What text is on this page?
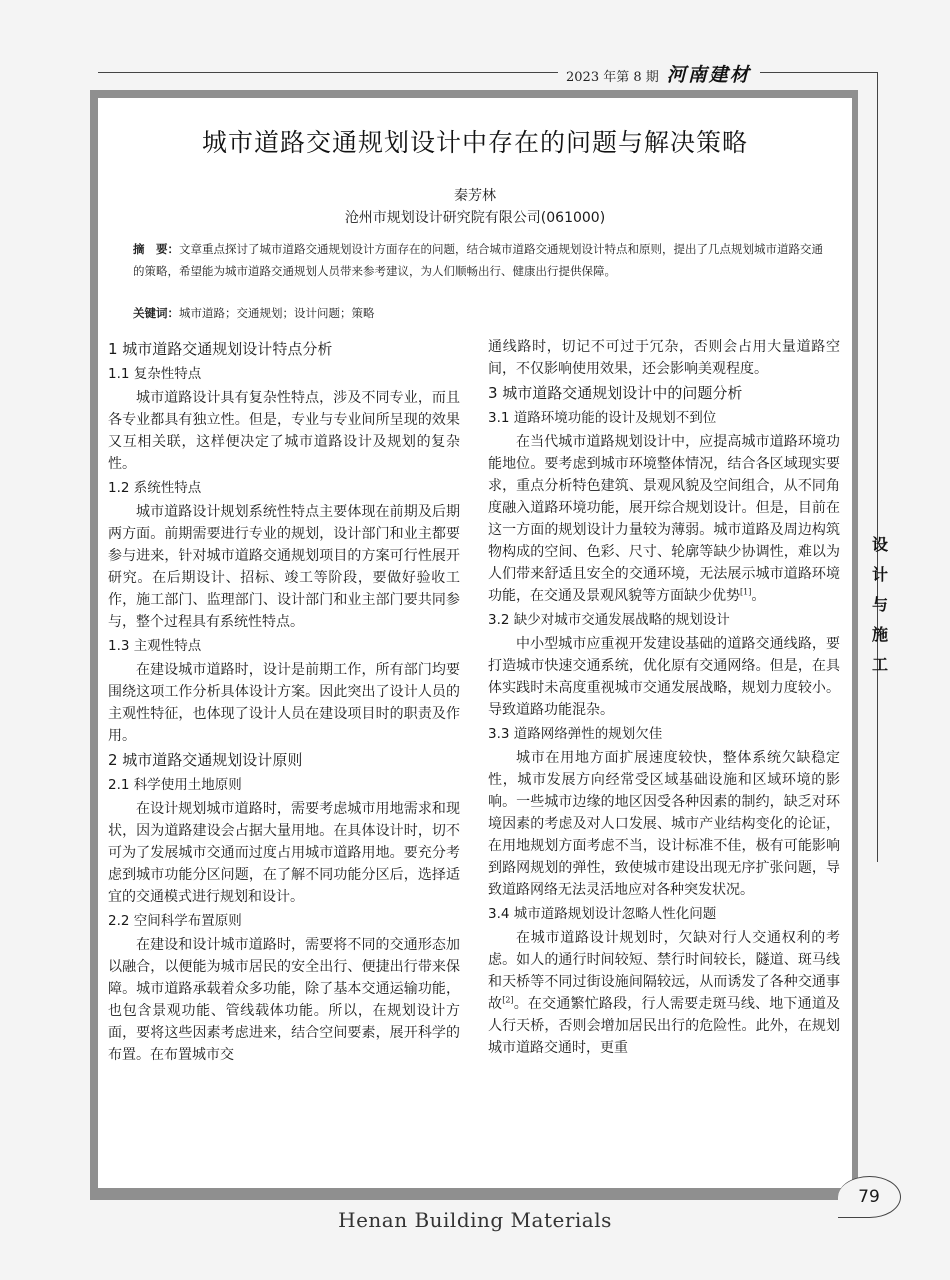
2023 年第 8 期 河南建材
城市道路交通规划设计中存在的问题与解决策略
秦芳林
沧州市规划设计研究院有限公司(061000)
摘　要：文章重点探讨了城市道路交通规划设计方面存在的问题，结合城市道路交通规划设计特点和原则，提出了几点规划城市道路交通的策略，希望能为城市道路交通规划人员带来参考建议，为人们顺畅出行、健康出行提供保障。
关键词：城市道路；交通规划；设计问题；策略
1 城市道路交通规划设计特点分析
1.1 复杂性特点

城市道路设计具有复杂性特点，涉及不同专业，而且各专业都具有独立性。但是，专业与专业间所呈现的效果又互相关联，这样便决定了城市道路设计及规划的复杂性。

1.2 系统性特点

城市道路设计规划系统性特点主要体现在前期及后期两方面。前期需要进行专业的规划，设计部门和业主都要参与进来，针对城市道路交通规划项目的方案可行性展开研究。在后期设计、招标、竣工等阶段，要做好验收工作，施工部门、监理部门、设计部门和业主部门要共同参与，整个过程具有系统性特点。

1.3 主观性特点

在建设城市道路时，设计是前期工作，所有部门均要围绕这项工作分析具体设计方案。因此突出了设计人员的主观性特征，也体现了设计人员在建设项目时的职责及作用。

2 城市道路交通规划设计原则
2.1 科学使用土地原则

在设计规划城市道路时，需要考虑城市用地需求和现状，因为道路建设会占据大量用地。在具体设计时，切不可为了发展城市交通而过度占用城市道路用地。要充分考虑到城市功能分区问题，在了解不同功能分区后，选择适宜的交通模式进行规划和设计。

2.2 空间科学布置原则

在建设和设计城市道路时，需要将不同的交通形态加以融合，以便能为城市居民的安全出行、便捷出行带来保障。城市道路承载着众多功能，除了基本交通运输功能，也包含景观功能、管线载体功能。所以，在规划设计方面，要将这些因素考虑进来，结合空间要素，展开科学的布置。在布置城市交

通线路时，切记不可过于冗杂，否则会占用大量道路空间，不仅影响使用效果，还会影响美观程度。

3 城市道路交通规划设计中的问题分析
3.1 道路环境功能的设计及规划不到位

在当代城市道路规划设计中，应提高城市道路环境功能地位。要考虑到城市环境整体情况，结合各区域现实要求，重点分析特色建筑、景观风貌及空间组合，从不同角度融入道路环境功能，展开综合规划设计。但是，目前在这一方面的规划设计力量较为薄弱。城市道路及周边构筑物构成的空间、色彩、尺寸、轮廓等缺少协调性，难以为人们带来舒适且安全的交通环境，无法展示城市道路环境功能，在交通及景观风貌等方面缺少优势[1]。

3.2 缺少对城市交通发展战略的规划设计

中小型城市应重视开发建设基础的道路交通线路，要打造城市快速交通系统，优化原有交通网络。但是，在具体实践时未高度重视城市交通发展战略，规划力度较小。导致道路功能混杂。

3.3 道路网络弹性的规划欠佳

城市在用地方面扩展速度较快，整体系统欠缺稳定性，城市发展方向经常受区域基础设施和区域环境的影响。一些城市边缘的地区因受各种因素的制约，缺乏对环境因素的考虑及对人口发展、城市产业结构变化的论证，在用地规划方面考虑不当，设计标准不佳，极有可能影响到路网规划的弹性，致使城市建设出现无序扩张问题，导致道路网络无法灵活地应对各种突发状况。

3.4 城市道路规划设计忽略人性化问题

在城市道路设计规划时，欠缺对行人交通权利的考虑。如人的通行时间较短、禁行时间较长，隧道、斑马线和天桥等不同过街设施间隔较远，从而诱发了各种交通事故[2]。在交通繁忙路段，行人需要走斑马线、地下通道及人行天桥，否则会增加居民出行的危险性。此外，在规划城市道路交通时，更重

设
计
与
施
工
79
Henan Building Materials
